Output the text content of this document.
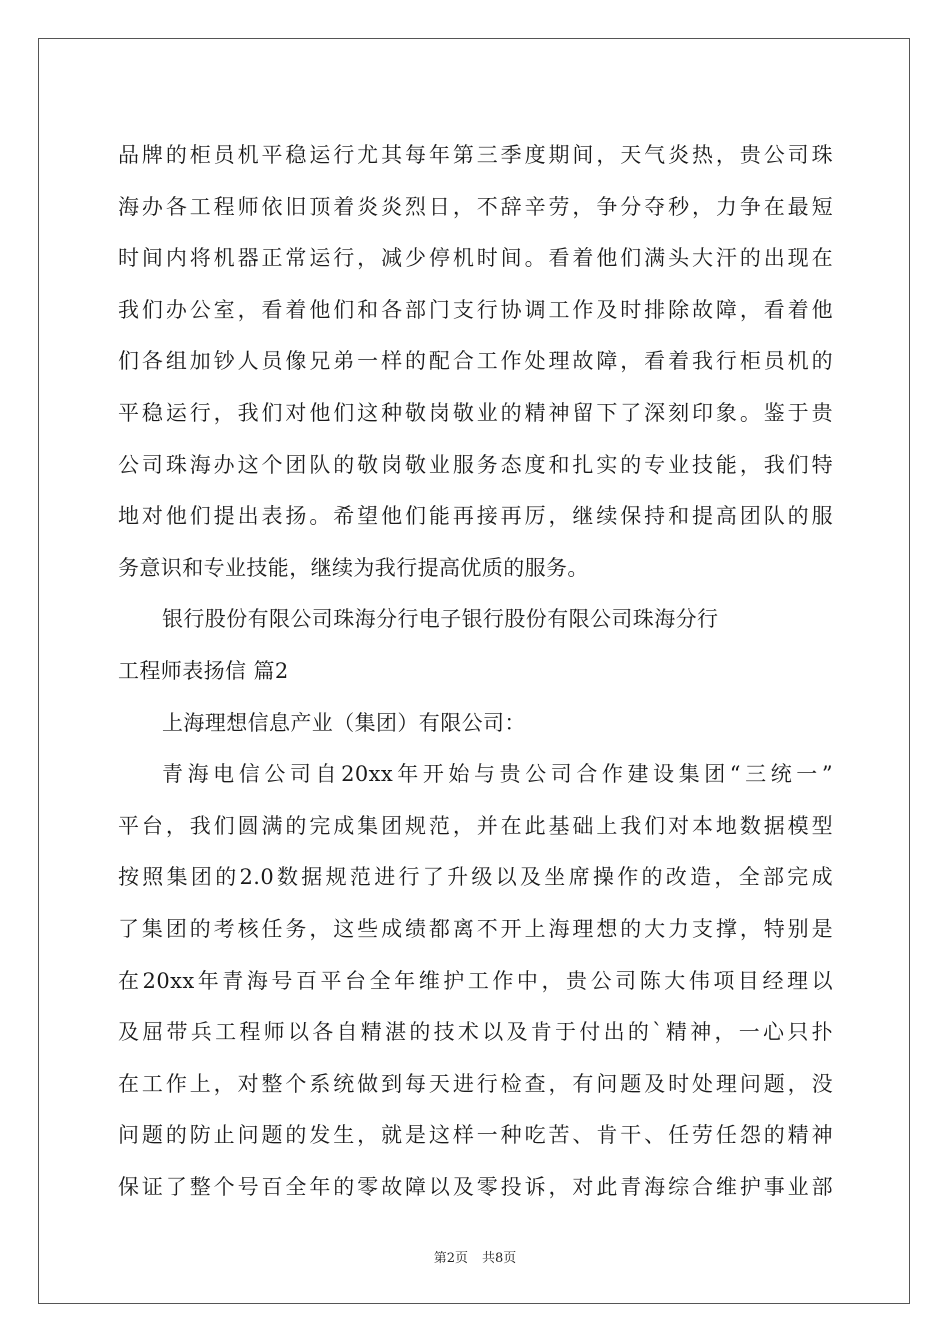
品牌的柜员机平稳运行尤其每年第三季度期间，天气炎热，贵公司珠
海办各工程师依旧顶着炎炎烈日，不辞辛劳，争分夺秒，力争在最短
时间内将机器正常运行，减少停机时间。看着他们满头大汗的出现在
我们办公室，看着他们和各部门支行协调工作及时排除故障，看着他
们各组加钞人员像兄弟一样的配合工作处理故障，看着我行柜员机的
平稳运行，我们对他们这种敬岗敬业的精神留下了深刻印象。鉴于贵
公司珠海办这个团队的敬岗敬业服务态度和扎实的专业技能，我们特
地对他们提出表扬。希望他们能再接再厉，继续保持和提高团队的服
务意识和专业技能，继续为我行提高优质的服务。
银行股份有限公司珠海分行电子银行股份有限公司珠海分行
工程师表扬信 篇2
上海理想信息产业（集团）有限公司：
青海电信公司自20xx年开始与贵公司合作建设集团“三统一”
平台，我们圆满的完成集团规范，并在此基础上我们对本地数据模型
按照集团的2.0数据规范进行了升级以及坐席操作的改造，全部完成
了集团的考核任务，这些成绩都离不开上海理想的大力支撑，特别是
在20xx年青海号百平台全年维护工作中，贵公司陈大伟项目经理以
及屈带兵工程师以各自精湛的技术以及肯于付出的`精神，一心只扑
在工作上，对整个系统做到每天进行检查，有问题及时处理问题，没
问题的防止问题的发生，就是这样一种吃苦、肯干、任劳任怨的精神
保证了整个号百全年的零故障以及零投诉，对此青海综合维护事业部
第2页 共8页
